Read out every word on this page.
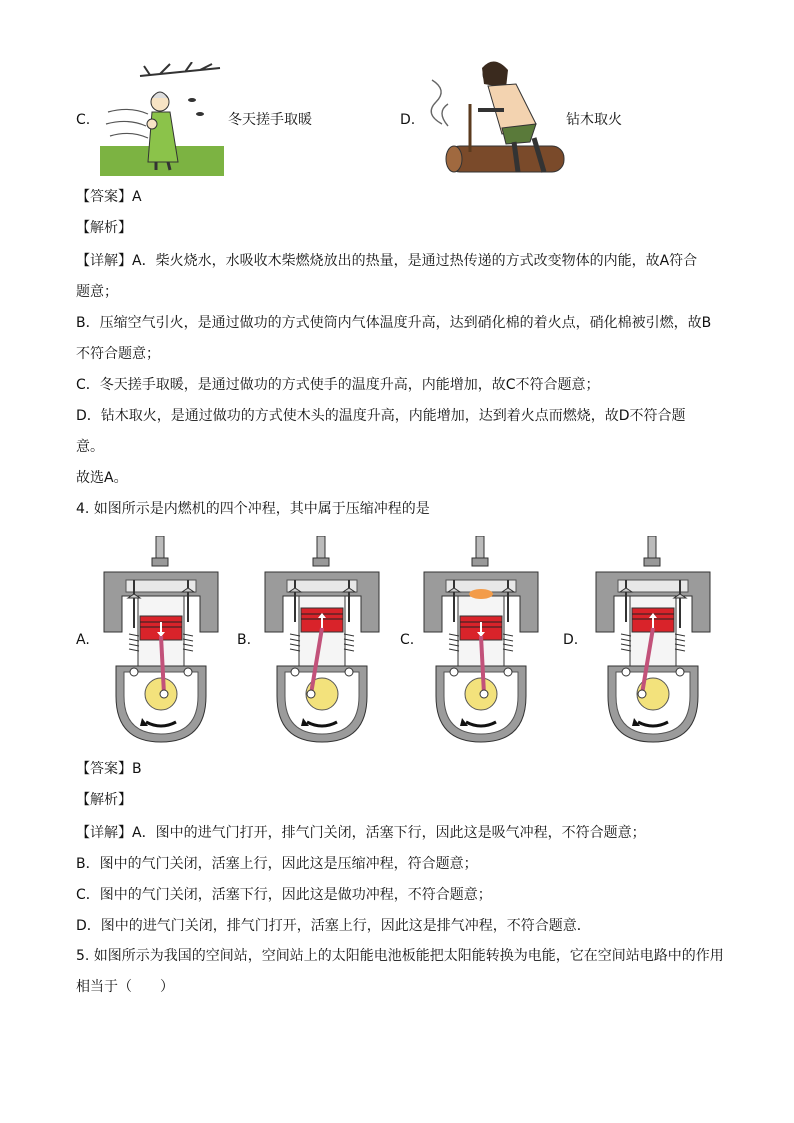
C.	冬天搓手取暖	D.	钻木取火
【答案】A
【解析】
【详解】A．柴火烧水，水吸收木柴燃烧放出的热量，是通过热传递的方式改变物体的内能，故A符合
题意；
B．压缩空气引火，是通过做功的方式使筒内气体温度升高，达到硝化棉的着火点，硝化棉被引燃，故B
不符合题意；
C．冬天搓手取暖，是通过做功的方式使手的温度升高，内能增加，故C不符合题意；
D．钻木取火，是通过做功的方式使木头的温度升高，内能增加，达到着火点而燃烧，故D不符合题
意。
故选A。
4. 如图所示是内燃机的四个冲程，其中属于压缩冲程的是
A.	B.	C.	D.
【答案】B
【解析】
【详解】A．图中的进气门打开，排气门关闭，活塞下行，因此这是吸气冲程，不符合题意；
B．图中的气门关闭，活塞上行，因此这是压缩冲程，符合题意；
C．图中的气门关闭，活塞下行，因此这是做功冲程，不符合题意；
D．图中的进气门关闭，排气门打开，活塞上行，因此这是排气冲程，不符合题意．
5. 如图所示为我国的空间站，空间站上的太阳能电池板能把太阳能转换为电能，它在空间站电路中的作用
相当于（　　）
